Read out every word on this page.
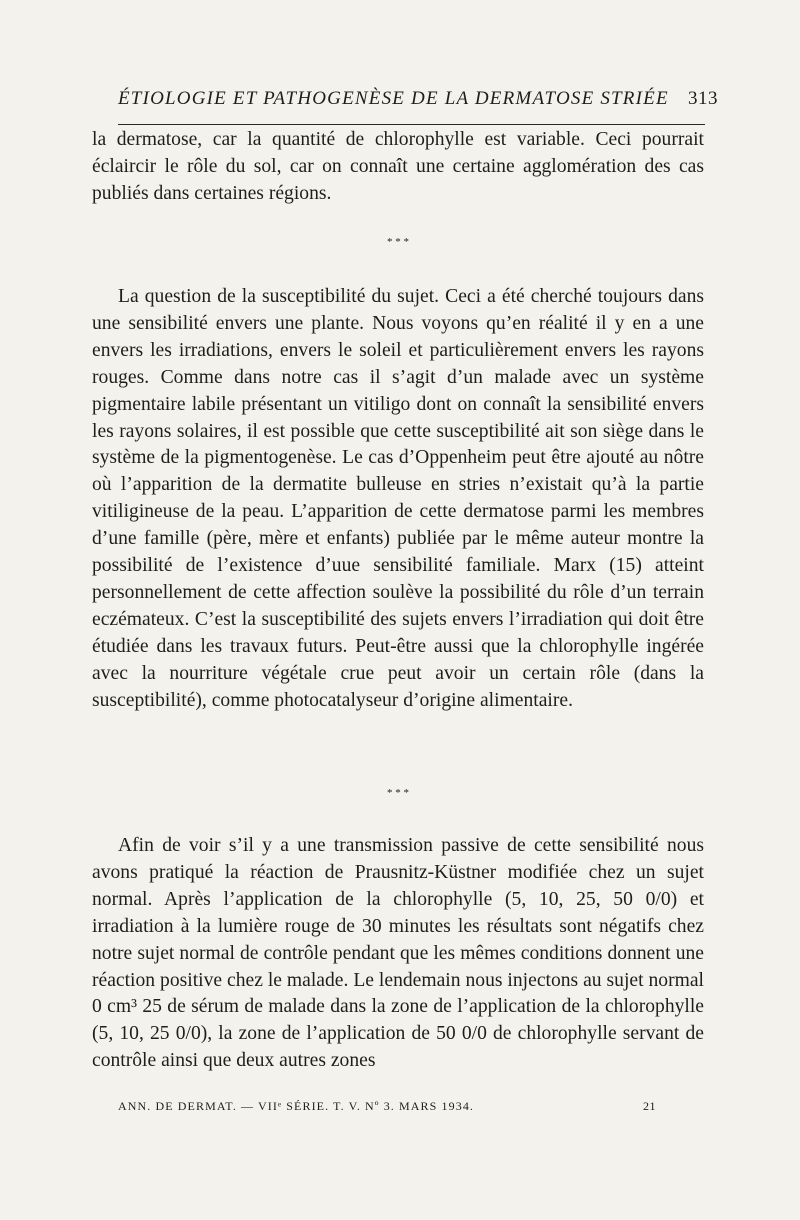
ÉTIOLOGIE ET PATHOGENÈSE DE LA DERMATOSE STRIÉE 313

la dermatose, car la quantité de chlorophylle est variable. Ceci pourrait éclaircir le rôle du sol, car on connaît une certaine agglomération des cas publiés dans certaines régions.

* * *

La question de la susceptibilité du sujet. Ceci a été cherché toujours dans une sensibilité envers une plante. Nous voyons qu’en réalité il y en a une envers les irradiations, envers le soleil et particulièrement envers les rayons rouges. Comme dans notre cas il s’agit d’un malade avec un système pigmentaire labile présentant un vitiligo dont on connaît la sensibilité envers les rayons solaires, il est possible que cette susceptibilité ait son siège dans le système de la pigmentogenèse. Le cas d’Oppenheim peut être ajouté au nôtre où l’apparition de la dermatite bulleuse en stries n’existait qu’à la partie vitiligineuse de la peau. L’apparition de cette dermatose parmi les membres d’une famille (père, mère et enfants) publiée par le même auteur montre la possibilité de l’existence d’uue sensibilité familiale. Marx (15) atteint personnellement de cette affection soulève la possibilité du rôle d’un terrain eczémateux. C’est la susceptibilité des sujets envers l’irradiation qui doit être étudiée dans les travaux futurs. Peut-être aussi que la chlorophylle ingérée avec la nourriture végétale crue peut avoir un certain rôle (dans la susceptibilité), comme photocatalyseur d’origine alimentaire.

* * *

Afin de voir s’il y a une transmission passive de cette sensibilité nous avons pratiqué la réaction de Prausnitz-Küstner modifiée chez un sujet normal. Après l’application de la chlorophylle (5, 10, 25, 50 0/0) et irradiation à la lumière rouge de 30 minutes les résultats sont négatifs chez notre sujet normal de contrôle pendant que les mêmes conditions donnent une réaction positive chez le malade. Le lendemain nous injectons au sujet normal 0 cm³ 25 de sérum de malade dans la zone de l’application de la chlorophylle (5, 10, 25 0/0), la zone de l’application de 50 0/0 de chlorophylle servant de contrôle ainsi que deux autres zones

ANN. DE DERMAT. — VIIᵉ SÉRIE. T. V. Nº 3. MARS 1934.	21
